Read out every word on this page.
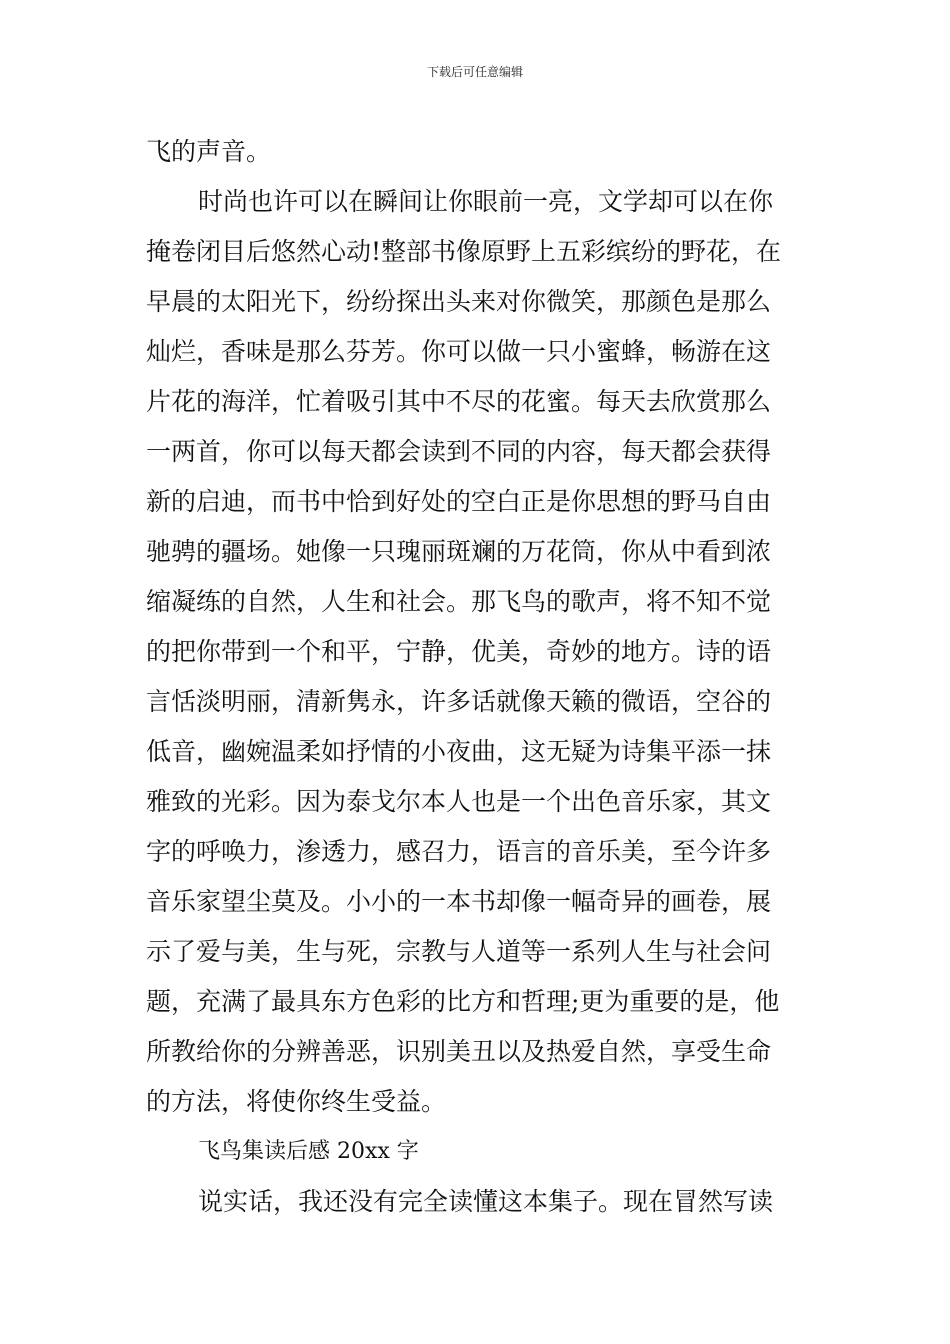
下载后可任意编辑
飞的声音。
时尚也许可以在瞬间让你眼前一亮，文学却可以在你
掩卷闭目后悠然心动!整部书像原野上五彩缤纷的野花，在
早晨的太阳光下，纷纷探出头来对你微笑，那颜色是那么
灿烂，香味是那么芬芳。你可以做一只小蜜蜂，畅游在这
片花的海洋，忙着吸引其中不尽的花蜜。每天去欣赏那么
一两首，你可以每天都会读到不同的内容，每天都会获得
新的启迪，而书中恰到好处的空白正是你思想的野马自由
驰骋的疆场。她像一只瑰丽斑斓的万花筒，你从中看到浓
缩凝练的自然，人生和社会。那飞鸟的歌声，将不知不觉
的把你带到一个和平，宁静，优美，奇妙的地方。诗的语
言恬淡明丽，清新隽永，许多话就像天籁的微语，空谷的
低音，幽婉温柔如抒情的小夜曲，这无疑为诗集平添一抹
雅致的光彩。因为泰戈尔本人也是一个出色音乐家，其文
字的呼唤力，渗透力，感召力，语言的音乐美，至今许多
音乐家望尘莫及。小小的一本书却像一幅奇异的画卷，展
示了爱与美，生与死，宗教与人道等一系列人生与社会问
题，充满了最具东方色彩的比方和哲理;更为重要的是，他
所教给你的分辨善恶，识别美丑以及热爱自然，享受生命
的方法，将使你终生受益。
飞鸟集读后感 20xx 字
说实话，我还没有完全读懂这本集子。现在冒然写读
